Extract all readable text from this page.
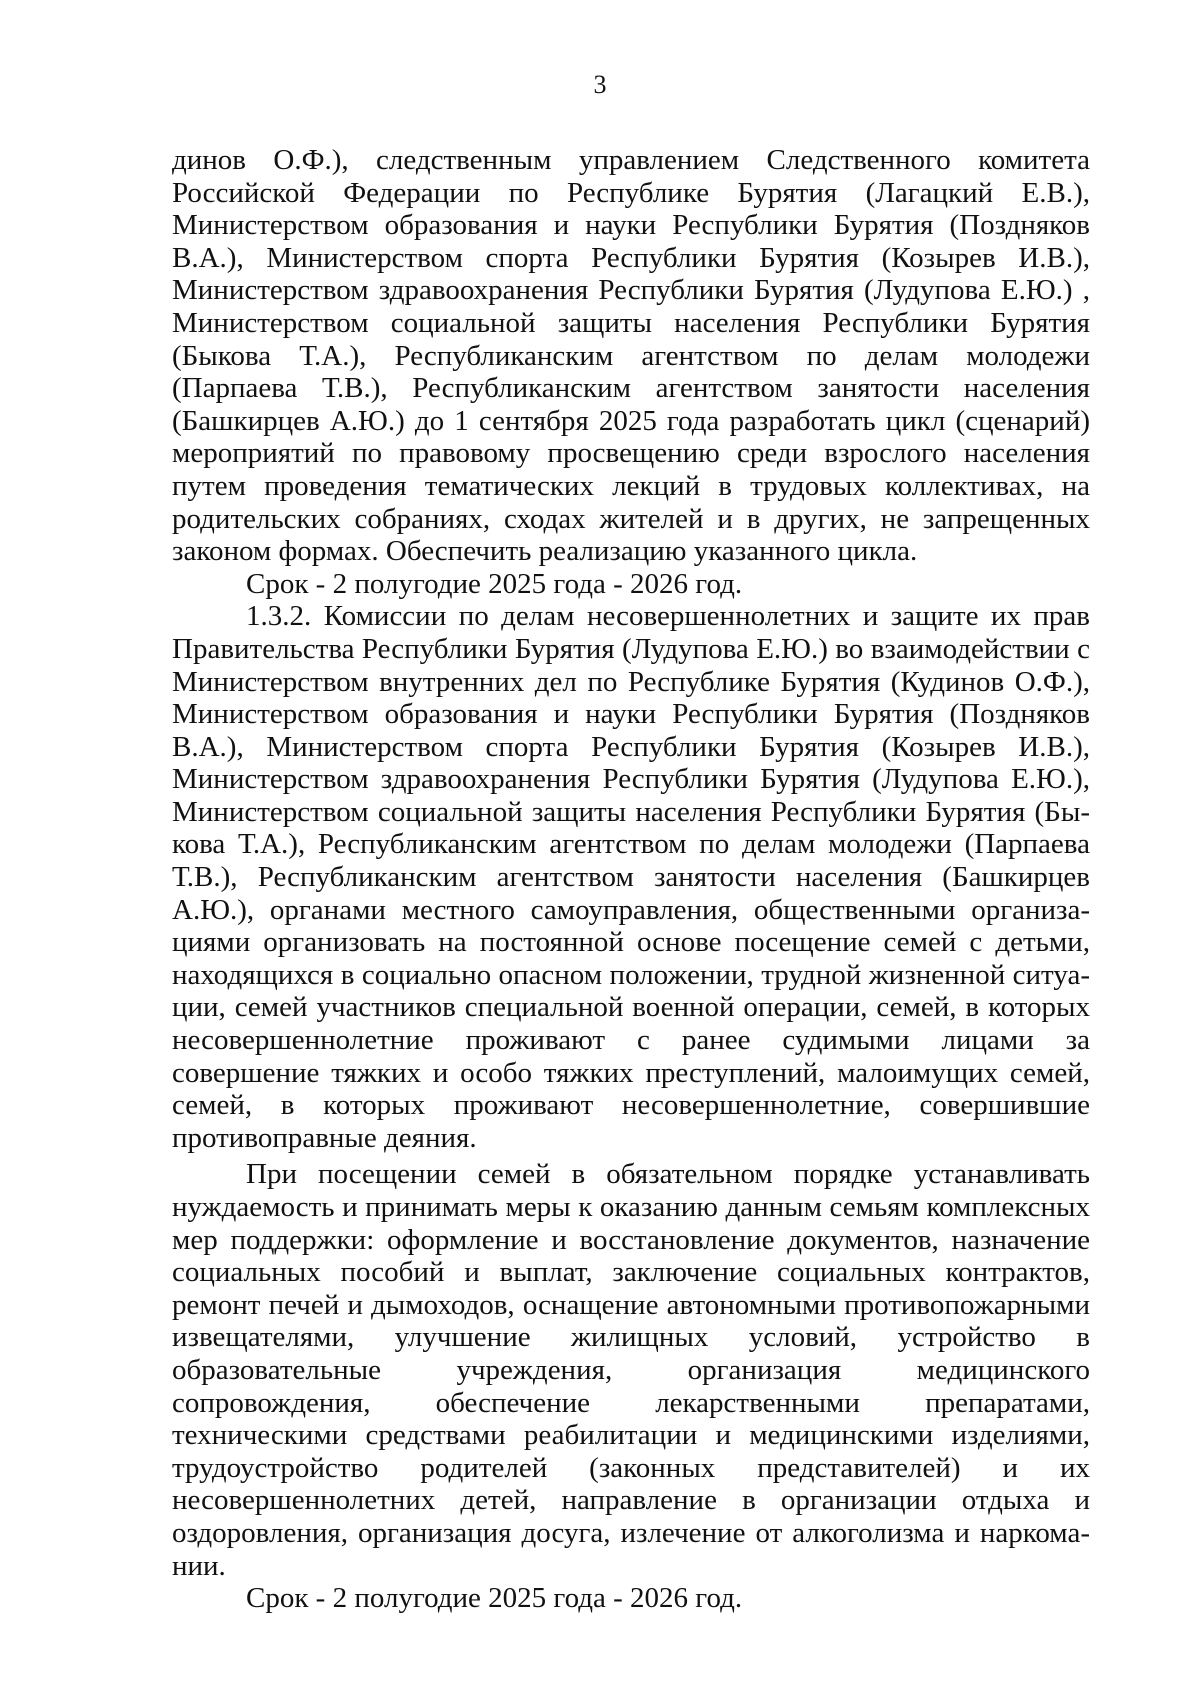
3

динов О.Ф.), следственным управлением Следственного комитета Российской Федерации по Республике Бурятия (Лагацкий Е.В.), Министерством образования и науки Республики Бурятия (Поздняков В.А.), Министерством спорта Республики Бурятия (Козырев И.В.), Министерством здравоохранения Республики Бурятия (Лудупова Е.Ю.) , Министерством социальной защиты населения Республики Бурятия (Быкова Т.А.), Республиканским агентством по делам молодежи (Парпаева Т.В.), Республиканским агентством занятости населения (Башкирцев А.Ю.) до 1 сентября 2025 года разработать цикл (сценарий) мероприятий по правовому просвещению среди взрослого населения путем проведения тематических лекций в трудовых коллективах, на родительских собраниях, сходах жителей и в других, не запрещенных законом формах. Обеспечить реализацию указанного цикла.

Срок - 2 полугодие 2025 года - 2026 год.

1.3.2. Комиссии по делам несовершеннолетних и защите их прав Правительства Республики Бурятия (Лудупова Е.Ю.) во взаимодействии с Министерством внутренних дел по Республике Бурятия (Кудинов О.Ф.), Министерством образования и науки Республики Бурятия (Поздняков В.А.), Министерством спорта Республики Бурятия (Козырев И.В.), Министерством здравоохранения Республики Бурятия (Лудупова Е.Ю.), Министерством социальной защиты населения Республики Бурятия (Быкова Т.А.), Республиканским агентством по делам молодежи (Парпаева Т.В.), Республиканским агентством занятости населения (Башкирцев А.Ю.), органами местного самоуправления, общественными организациями организовать на постоянной основе посещение семей с детьми, находящихся в социально опасном положении, трудной жизненной ситуации, семей участников специальной военной операции, семей, в которых несовершеннолетние проживают с ранее судимыми лицами за совершение тяжких и особо тяжких преступлений, малоимущих семей, семей, в которых проживают несовершеннолетние, совершившие противоправные деяния.

При посещении семей в обязательном порядке устанавливать нуждаемость и принимать меры к оказанию данным семьям комплексных мер поддержки: оформление и восстановление документов, назначение социальных пособий и выплат, заключение социальных контрактов, ремонт печей и дымоходов, оснащение автономными противопожарными извещателями, улучшение жилищных условий, устройство в образовательные учреждения, организация медицинского сопровождения, обеспечение лекарственными препаратами, техническими средствами реабилитации и медицинскими изделиями, трудоустройство родителей (законных представителей) и их несовершеннолетних детей, направление в организации отдыха и оздоровления, организация досуга, излечение от алкоголизма и наркомании.

Срок - 2 полугодие 2025 года - 2026 год.
